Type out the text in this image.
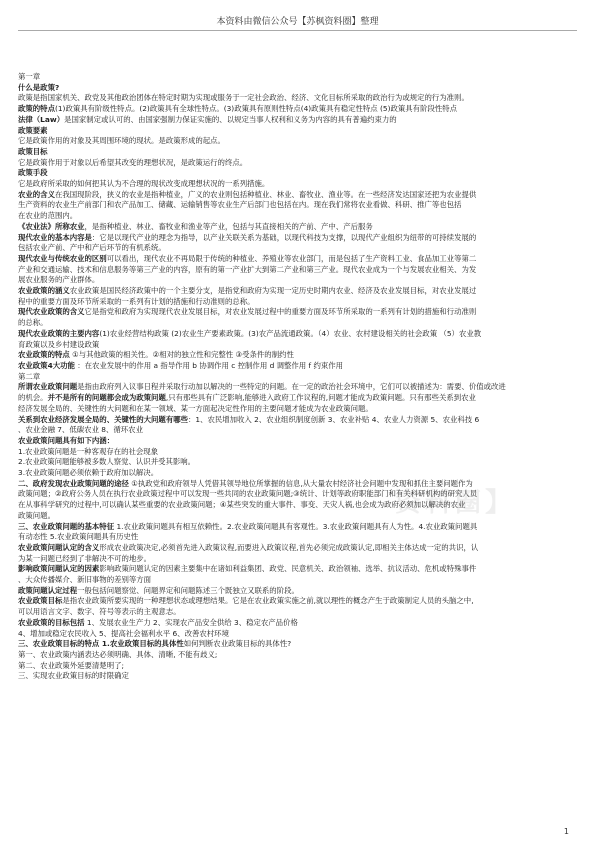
本资料由微信公众号【苏枫资料圈】整理
资料圈】

第一章

什么是政策?

政策是指国家机关、政党及其他政治团体在特定时期为实现或服务于一定社会政治、经济、文化目标所采取的政治行为或规定的行为准则。

政策的特点(1)政策具有阶级性特点。(2)政策具有全球性特点。(3)政策具有原则性特点(4)政策具有稳定性特点 (5)政策具有阶段性特点

法律（Law）是国家制定或认可的、由国家强制力保证实施的、以规定当事人权利和义务为内容的具有普遍约束力的

政策要素

它是政策作用的对象及其周围环境的现状。是政策形成的起点。

政策目标

它是政策作用于对象以后希望其改变的理想状况，是政策运行的终点。

政策手段

它是政府所采取的如何把其认为不合理的现状改变成理想状况的一系列措施。

农业的含义在我国现阶段，狭义的农业是指种植业，广义的农业则包括种植业、林业、畜牧业、渔业等。在一些经济发达国家还把为农业提供

生产资料的农业生产前部门和农产品加工、储藏、运输销售等农业生产后部门也包括在内。现在我们常将农业看做、科研、推广等也包括

在农业的范围内。

《农业法》所称农业，是指种植业、林业、畜牧业和渔业等产业，包括与其直接相关的产前、产中、产后服务

现代农业的基本内容是：它是以现代产业的理念为指导，以产业关联关系为基础，以现代科技为支撑，以现代产业组织为纽带的可持续发展的

包括农业产前、产中和产后环节的有机系统。

现代农业与传统农业的区别可以看出，现代农业不再局限于传统的种植业、养殖业等农业部门，而是包括了生产资料工业、食品加工业等第二

产业和交通运输、技术和信息服务等第三产业的内容，原有的第一产业扩大到第二产业和第三产业。现代农业成为一个与发展农业相关、为发

展农业服务的产业群体。

农业政策的涵义农业政策是国民经济政策中的一个主要分支，是指党和政府为实现一定历史时期内农业、经济及农业发展目标，对农业发展过

程中的重要方面及环节所采取的一系列有计划的措施和行动准则的总称。

现代农业政策的含义它是指党和政府为实现现代农业发展目标，对农业发展过程中的重要方面及环节所采取的一系列有计划的措施和行动准则

的总称。

现代农业政策的主要内容(1)农业经营结构政策 (2)农业生产要素政策。(3)农产品流通政策。（4）农业、农村建设相关的社会政策 （5）农业教

育政策以及乡村建设政策

农业政策的特点 ①与其他政策的相关性。②相对的独立性和完整性 ③受条件的制约性

农业政策4大功能 ：在农业发展中的作用 a 指导作用 b 协调作用 c 控制作用 d 调整作用 f 约束作用

第二章

所谓农业政策问题是指由政府列入议事日程并采取行动加以解决的一些特定的问题。在一定的政治社会环境中，它们可以被描述为：需要、价值或改进

的机会。并不是所有的问题都会成为政策问题,只有那些具有广泛影响,能够进入政府工作议程的,问题才能成为政策问题。只有那些关系到农业

经济发展全局的、关键性的大问题和在某一领域、某一方面起决定性作用的主要问题才能成为农业政策问题。

关系到农业经济发展全局的、关键性的大问题有哪些：1、农民增加收入 2、农业组织制度创新 3、农业补贴 4、农业人力资源 5、农业科技 6

、农业金融 7、低碳农业 8、循环农业

农业政策问题具有如下内涵：

1.农业政策问题是一种客观存在的社会现象

2.农业政策问题能够被多数人察觉、认识并受其影响。

3.农业政策问题必须依赖于政府加以解决。

二、政府发现农业政策问题的途径 ①执政党和政府领导人凭借其领导地位所掌握的信息,从大量农村经济社会问题中发现和抓住主要问题作为

政策问题；②政府公务人员在执行农业政策过程中可以发现一些共同的农业政策问题;③统计、计划等政府职能部门和有关科研机构的研究人员

在从事科学研究的过程中,可以确认某些重要的农业政策问题；④某些突发的重大事件、事变、天灾人祸,也会成为政府必须加以解决的农业

政策问题。

三、农业政策问题的基本特征 1.农业政策问题具有相互依赖性。2.农业政策问题具有客观性。3.农业政策问题具有人为性。4.农业政策问题具

有动态性 5.农业政策问题具有历史性

农业政策问题认定的含义形成农业政策决定,必须首先进入政策议程,而要进入政策议程,首先必须完成政策认定,即相关主体达成一定的共识，认

为某一问题已经到了非解决不可的地步。

影响政策问题认定的因素影响政策问题认定的因素主要集中在诸如利益集团、政党、民意机关、政治领袖、选举、抗议活动、危机或特殊事件

、大众传播媒介、新旧事物的差别等方面

政策问题认定过程一般包括问题察觉、问题界定和问题陈述三个既独立又联系的阶段。

农业政策目标是指农业政策所要实现的一种理想状态或理想结果。它是在农业政策实施之前,就以理性的概念产生于政策制定人员的头脑之中,

可以用语言文字、数字、符号等表示的主观意志。

农业政策的目标包括 1、发展农业生产力 2、实现农产品安全供给 3、稳定农产品价格

4、增加或稳定农民收入 5、提高社会福利水平 6、改善农村环境

三、农业政策目标的特点 1.农业政策目标的具体性如何判断农业政策目标的具体性?

第一、农业政策内涵表达必须明确、具体、清晰, 不能有歧义;

第二、农业政策外延要清楚明了;

三、实现农业政策目标的时限确定

1
